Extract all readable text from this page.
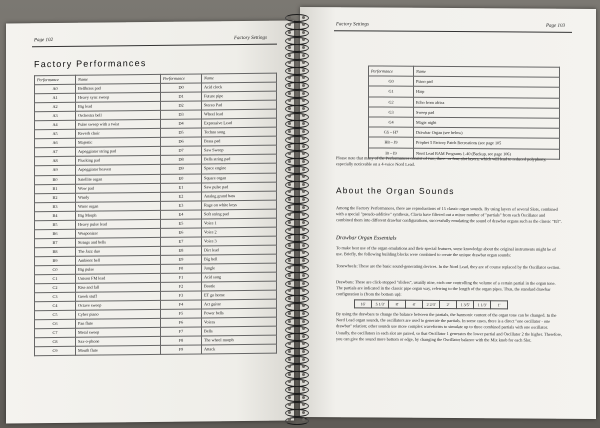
Page 102	Factory Settings
Factory Performances
Performance	Name	Performance	Name
A0	Bellbrass pad	D0	Acid clock
A1	Heavy sync sweep	D1	Future pipe
A2	Big lead	D2	Stereo Pad
A3	Orchestra bell	D3	Wheel lead
A4	Pulse sweep with a twist	D4	Expressive Lead
A5	Reverb choir	D5	Techno song
A6	Majestic	D6	Brass pad
A7	Arpeggiator string pad	D7	Saw Sweep
A8	Plucking pad	D8	Bells string pad
A9	Arpeggiator heaven	D9	Space engine
B0	Satellite organ	E0	Square organ
B1	Wow pad	E1	Saw pulse pad
B2	Windy	E2	Analog grand bass
B3	Water organ	E3	Rage on white keys
B4	Big Morph	E4	Soft string pad
B5	Heavy pulse lead	E5	Voice 1
B6	Weaponizer	E6	Voice 2
B7	Strings and bells	E7	Voice 3
B8	The Jazz duo	E8	Dirt lead
B9	Ambient bell	E9	Big bell
C0	Big pulse	F0	Jungle
C1	Unison FM lead	F1	Acid song
C2	Rise and fall	F2	Bootle
C3	Greek stuff	F3	ET go home
C4	Octave sweep	F4	Act guitar
C5	Cyber piano	F5	Power bells
C6	Pan flute	F6	Voices
C7	Metal sweep	F7	Bells
C8	Sax-o-phone	F8	The wheel morph
C9	Mouth flute	F9	Attack
Factory Settings	Page 103
Performance	Name
G0	Piano pad
G1	Harp
G2	Echo from africa
G3	Sweep pad
G4	Magic night
G5 – H7	Drawbar Organ (see below)
H8 – J9	Prophet 5 Factory Patch Recreations (see page 105
I0 – I9	Nord Lead RAM Programs 1-40 (Backup, see page 106)
Please note that many of the Performances consist of two, three- or four-slot layers, which will lead to reduced polyphony, especially noticeable on a 4-voice Nord Lead.
About the Organ Sounds
Among the Factory Performances, there are reproductions of 15 classic organ sounds. By using layers of several Slots, combined with a special "pseudo-additive" synthesis, Clavia have filtered out a minor number of "partials" from each Oscillator and combined them into different drawbar configurations, successfully emulating the sound of drawbar organs such as the classic "B3".
Drawbar Organ Essentials
To make best use of the organ emulations and their special features, some knowledge about the original instruments might be of use. Briefly, the following building blocks were combined to create the unique drawbar organ sounds:
Tonewheels: These are the basic sound-generating devices. In the Nord Lead, they are of course replaced by the Oscillator section.
Drawbars: These are click-stopped "sliders", usually nine, each one controlling the volume of a certain partial in the organ tone. The partials are indicated in the classic pipe organ way, referring to the length of the organ pipes. Thus, the standard drawbar configuration is (from the bottom up):
16'	5 1/3'	8'	4'	2 2/3'	2'	1 3/5'	1 1/3'	1'
By using the drawbars to change the balance between the partials, the harmonic content of the organ tone can be changed. In the Nord Lead organ sounds, the oscillators are used to generate the partials. In some cases, there is a direct "one oscillator - one drawbar" relation; other sounds use more complex waveforms to simulate up to three combined partials with one oscillator. Usually, the oscillators in each slot are paired, so that Oscillator 1 generates the lower partial and Oscillator 2 the higher. Therefore, you can give the sound more bottom or edge, by changing the Oscillator balance with the Mix knob for each Slot.
